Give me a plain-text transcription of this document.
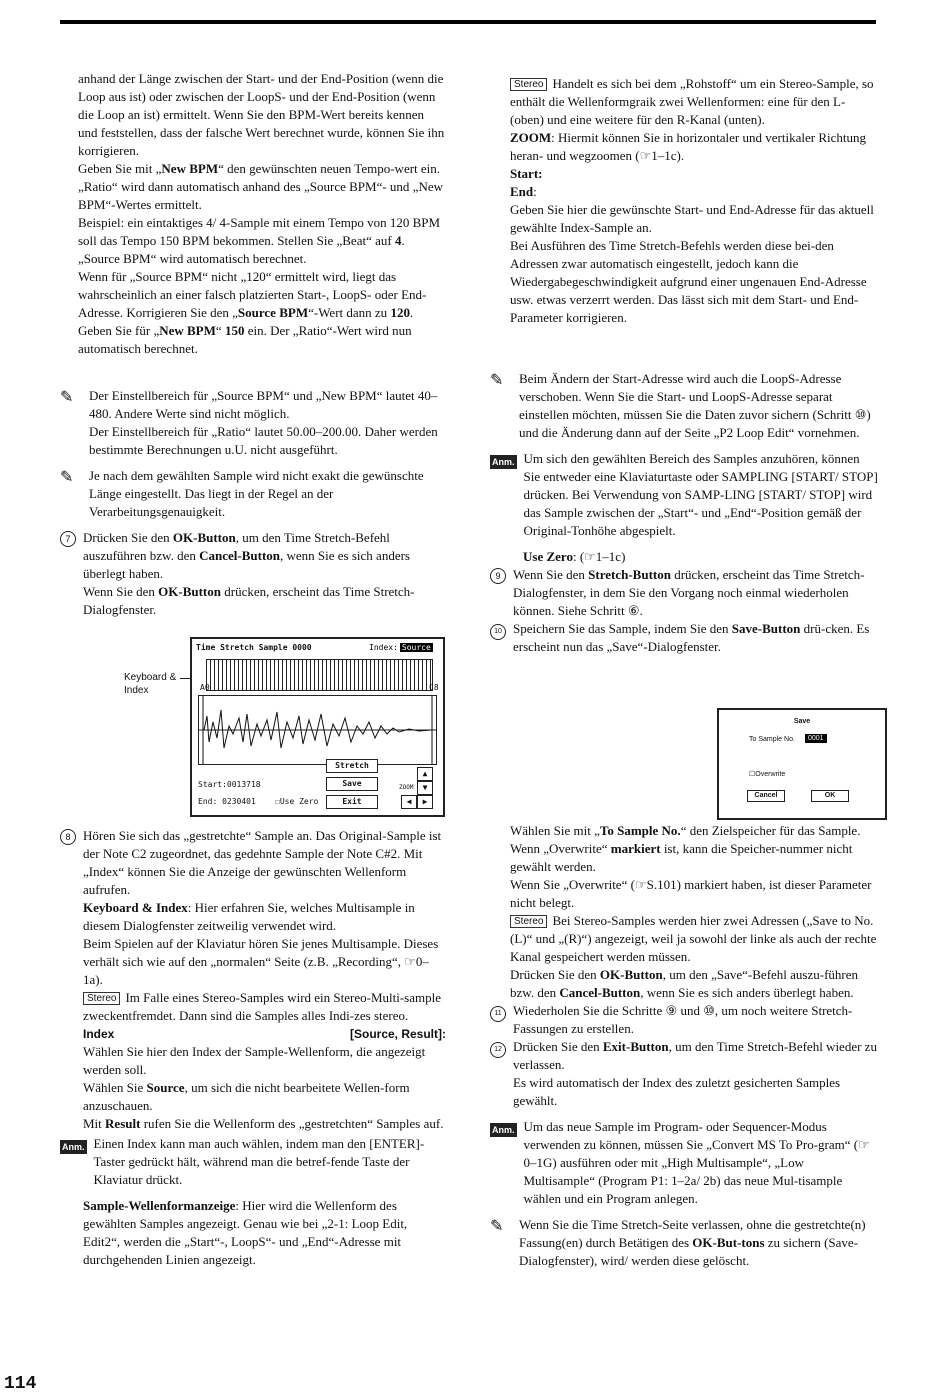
anhand der Länge zwischen der Start- und der End-Position (wenn die Loop aus ist) oder zwischen der LoopS- und der End-Position (wenn die Loop an ist) ermittelt. Wenn Sie den BPM-Wert bereits kennen und feststellen, dass der falsche Wert berechnet wurde, können Sie ihn korrigieren.

Geben Sie mit „New BPM“ den gewünschten neuen Tempo-wert ein. „Ratio“ wird dann automatisch anhand des „Source BPM“- und „New BPM“-Wertes ermittelt.

Beispiel: ein eintaktiges 4/ 4-Sample mit einem Tempo von 120 BPM soll das Tempo 150 BPM bekommen. Stellen Sie „Beat“ auf 4. „Source BPM“ wird automatisch berechnet.

Wenn für „Source BPM“ nicht „120“ ermittelt wird, liegt das wahrscheinlich an einer falsch platzierten Start-, LoopS- oder End-Adresse. Korrigieren Sie den „Source BPM“-Wert dann zu 120.

Geben Sie für „New BPM“ 150 ein. Der „Ratio“-Wert wird nun automatisch berechnet.

✎	Der Einstellbereich für „Source BPM“ und „New BPM“ lautet 40–480. Andere Werte sind nicht möglich.

Der Einstellbereich für „Ratio“ lautet 50.00–200.00. Daher werden bestimmte Berechnungen u.U. nicht ausgeführt.

✎	Je nach dem gewählten Sample wird nicht exakt die gewünschte Länge eingestellt. Das liegt in der Regel an der Verarbeitungsgenauigkeit.

7 Drücken Sie den OK-Button, um den Time Stretch-Befehl auszuführen bzw. den Cancel-Button, wenn Sie es sich anders überlegt haben.

Wenn Sie den OK-Button drücken, erscheint das Time Stretch-Dialogfenster.

Keyboard & Index
Time Stretch Sample 0000	Index: Source
A0	C8
Start:0013718
End: 0230401 ☐Use Zero
Stretch
Save
Exit
ZOOM
▲
▼
▶
◀
8 Hören Sie sich das „gestretchte“ Sample an. Das Original-Sample ist der Note C2 zugeordnet, das gedehnte Sample der Note C#2. Mit „Index“ können Sie die Anzeige der gewünschten Wellenform aufrufen.

Keyboard & Index: Hier erfahren Sie, welches Multisample in diesem Dialogfenster zeitweilig verwendet wird.

Beim Spielen auf der Klaviatur hören Sie jenes Multisample. Dieses verhält sich wie auf den „normalen“ Seite (z.B. „Recording“, ☞0–1a).

Stereo Im Falle eines Stereo-Samples wird ein Stereo-Multi-sample zweckentfremdet. Dann sind die Samples alles Indi-zes stereo.

Index	[Source, Result]:

Wählen Sie hier den Index der Sample-Wellenform, die angezeigt werden soll.

Wählen Sie Source, um sich die nicht bearbeitete Wellen-form anzuschauen.

Mit Result rufen Sie die Wellenform des „gestretchten“ Samples auf.

Anm. Einen Index kann man auch wählen, indem man den [ENTER]-Taster gedrückt hält, während man die betref-fende Taste der Klaviatur drückt.

Sample-Wellenformanzeige: Hier wird die Wellenform des gewählten Samples angezeigt. Genau wie bei „2-1: Loop Edit, Edit2“, werden die „Start“-, LoopS“- und „End“-Adresse mit durchgehenden Linien angezeigt.

Stereo Handelt es sich bei dem „Rohstoff“ um ein Stereo-Sample, so enthält die Wellenformgraik zwei Wellenformen: eine für den L- (oben) und eine weitere für den R-Kanal (unten).

ZOOM: Hiermit können Sie in horizontaler und vertikaler Richtung heran- und wegzoomen (☞1–1c).

Start:

End:

Geben Sie hier die gewünschte Start- und End-Adresse für das aktuell gewählte Index-Sample an.

Bei Ausführen des Time Stretch-Befehls werden diese bei-den Adressen zwar automatisch eingestellt, jedoch kann die Wiedergabegeschwindigkeit aufgrund einer ungenauen End-Adresse usw. etwas verzerrt werden. Das lässt sich mit dem Start- und End-Parameter korrigieren.

✎	Beim Ändern der Start-Adresse wird auch die LoopS-Adresse verschoben. Wenn Sie die Start- und LoopS-Adresse separat einstellen möchten, müssen Sie die Daten zuvor sichern (Schritt ⑩) und die Änderung dann auf der Seite „P2 Loop Edit“ vornehmen.

Anm. Um sich den gewählten Bereich des Samples anzuhören, können Sie entweder eine Klaviaturtaste oder SAMPLING [START/ STOP] drücken. Bei Verwendung von SAMP-LING [START/ STOP] wird das Sample zwischen der „Start“- und „End“-Position gemäß der Original-Tonhöhe abgespielt.

Use Zero: (☞1–1c)

9 Wenn Sie den Stretch-Button drücken, erscheint das Time Stretch-Dialogfenster, in dem Sie den Vorgang noch einmal wiederholen können. Siehe Schritt ⑥.

10 Speichern Sie das Sample, indem Sie den Save-Button drü-cken. Es erscheint nun das „Save“-Dialogfenster.

Save
To Sample No.	0001
☐Overwrite
Cancel	OK

Wählen Sie mit „To Sample No.“ den Zielspeicher für das Sample. Wenn „Overwrite“ markiert ist, kann die Speicher-nummer nicht gewählt werden.

Wenn Sie „Overwrite“ (☞S.101) markiert haben, ist dieser Parameter nicht belegt.

Stereo Bei Stereo-Samples werden hier zwei Adressen („Save to No.(L)“ und „(R)“) angezeigt, weil ja sowohl der linke als auch der rechte Kanal gespeichert werden müssen.

Drücken Sie den OK-Button, um den „Save“-Befehl auszu-führen bzw. den Cancel-Button, wenn Sie es sich anders überlegt haben.

11 Wiederholen Sie die Schritte ⑨ und ⑩, um noch weitere Stretch-Fassungen zu erstellen.

12 Drücken Sie den Exit-Button, um den Time Stretch-Befehl wieder zu verlassen.

Es wird automatisch der Index des zuletzt gesicherten Samples gewählt.

Anm. Um das neue Sample im Program- oder Sequencer-Modus verwenden zu können, müssen Sie „Convert MS To Pro-gram“ (☞0–1G) ausführen oder mit „High Multisample“, „Low Multisample“ (Program P1: 1–2a/ 2b) das neue Mul-tisample wählen und ein Program anlegen.

✎	Wenn Sie die Time Stretch-Seite verlassen, ohne die gestretchte(n) Fassung(en) durch Betätigen des OK-But-tons zu sichern (Save-Dialogfenster), wird/ werden diese gelöscht.

114
